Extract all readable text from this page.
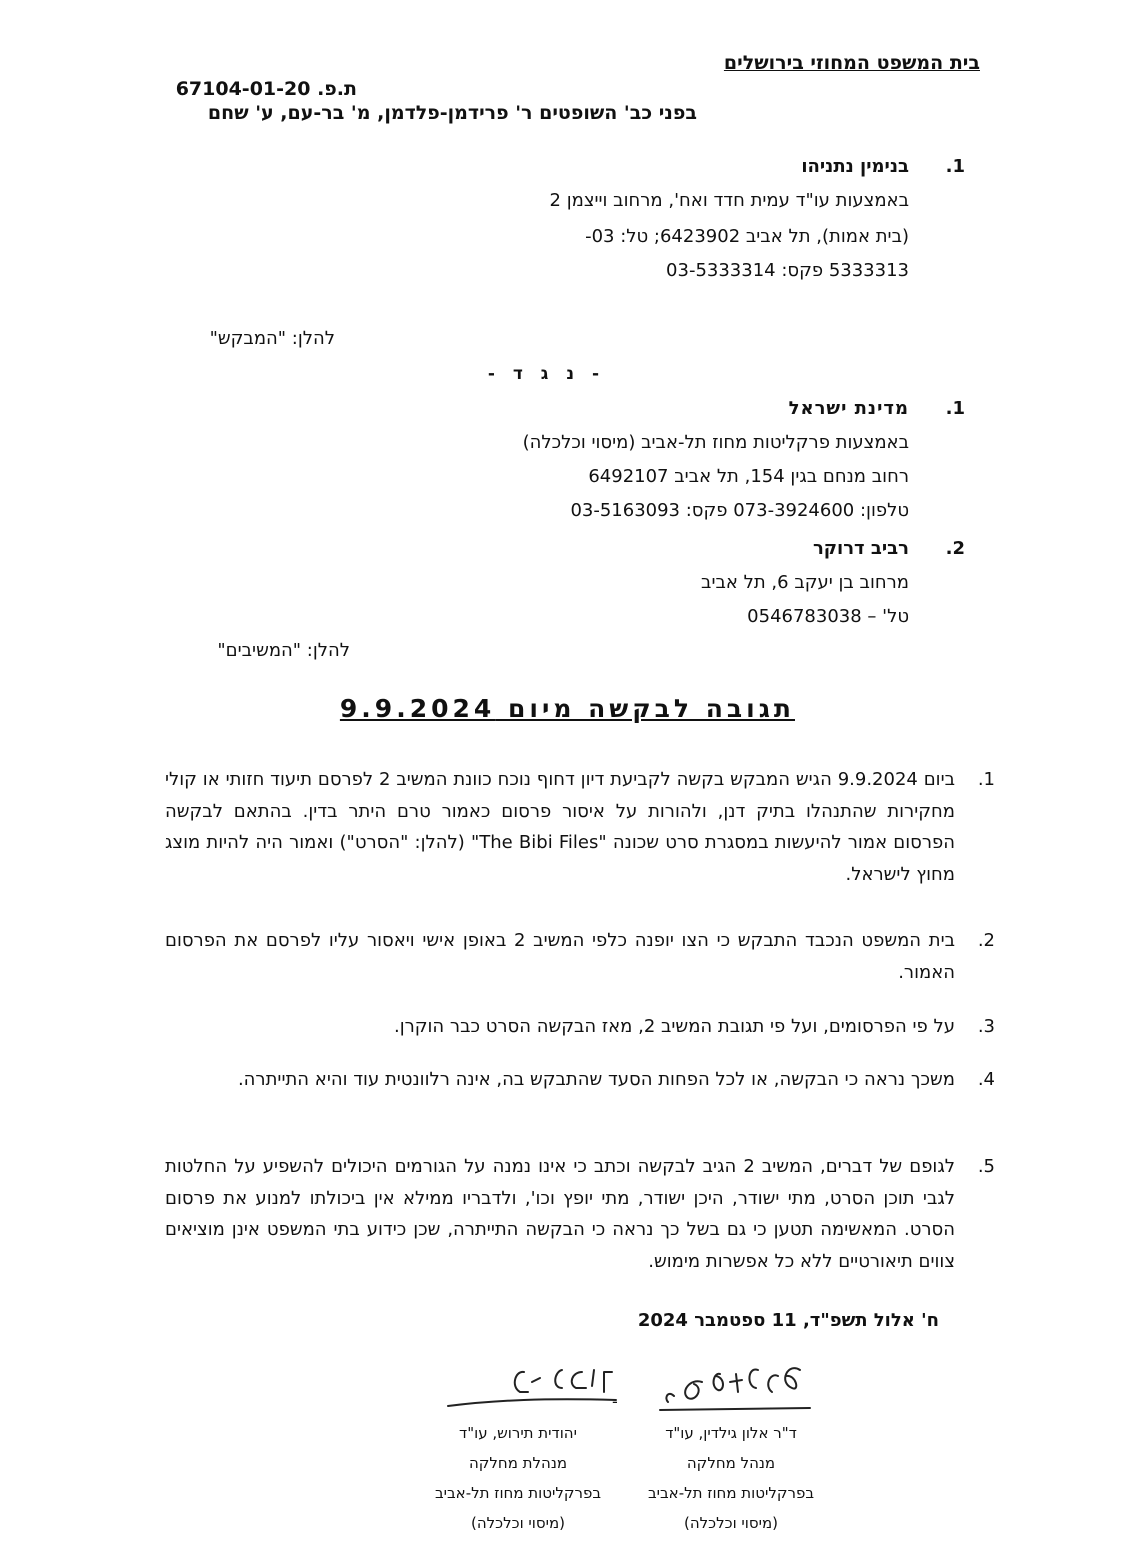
בית המשפט המחוזי בירושלים
ת.פ. 67104-01-20
בפני כב' השופטים ר' פרידמן-פלדמן, מ' בר-עם, ע' שחם
1.
בנימין נתניהו
באמצעות עו"ד עמית חדד ואח', מרחוב וייצמן 2
(בית אמות), תל אביב 6423902; טל: 03-
5333313 פקס: 03-5333314
להלן: "המבקש"
- נ ג ד -
1.
מדינת ישראל
באמצעות פרקליטות מחוז תל-אביב (מיסוי וכלכלה)
רחוב מנחם בגין 154, תל אביב 6492107
טלפון: 073-3924600 פקס: 03-5163093
2.
רביב דרוקר
מרחוב בן יעקב 6, תל אביב
טל' – 0546783038
להלן: "המשיבים"
תגובה לבקשה מיום 9.9.2024
1.
ביום 9.9.2024 הגיש המבקש בקשה לקביעת דיון דחוף נוכח כוונת המשיב 2 לפרסם תיעוד חזותי או קולי מחקירות שהתנהלו בתיק דנן, ולהורות על איסור פרסום כאמור טרם היתר בדין. בהתאם לבקשה הפרסום אמור להיעשות במסגרת סרט שכונה "The Bibi Files" (להלן: "הסרט") ואמור היה להיות מוצג מחוץ לישראל.
2.
בית המשפט הנכבד התבקש כי הצו יופנה כלפי המשיב 2 באופן אישי ויאסור עליו לפרסם את הפרסום האמור.
3.
על פי הפרסומים, ועל פי תגובת המשיב 2, מאז הבקשה הסרט כבר הוקרן.
4.
משכך נראה כי הבקשה, או לכל הפחות הסעד שהתבקש בה, אינה רלוונטית עוד והיא התייתרה.
5.
לגופם של דברים, המשיב 2 הגיב לבקשה וכתב כי אינו נמנה על הגורמים היכולים להשפיע על החלטות לגבי תוכן הסרט, מתי ישודר, היכן ישודר, מתי יופץ וכו', ולדבריו ממילא אין ביכולתו למנוע את פרסום הסרט. המאשימה תטען כי גם בשל כך נראה כי הבקשה התייתרה, שכן כידוע בתי המשפט אינן מוציאים צווים תיאורטיים ללא כל אפשרות מימוש.
ח' אלול תשפ"ד, 11 ספטמבר 2024
-
ד"ר אלון גילדין, עו"ד
מנהל מחלקה
בפרקליטות מחוז תל-אביב
(מיסוי וכלכלה)
יהודית תירוש, עו"ד
מנהלת מחלקה
בפרקליטות מחוז תל-אביב
(מיסוי וכלכלה)
